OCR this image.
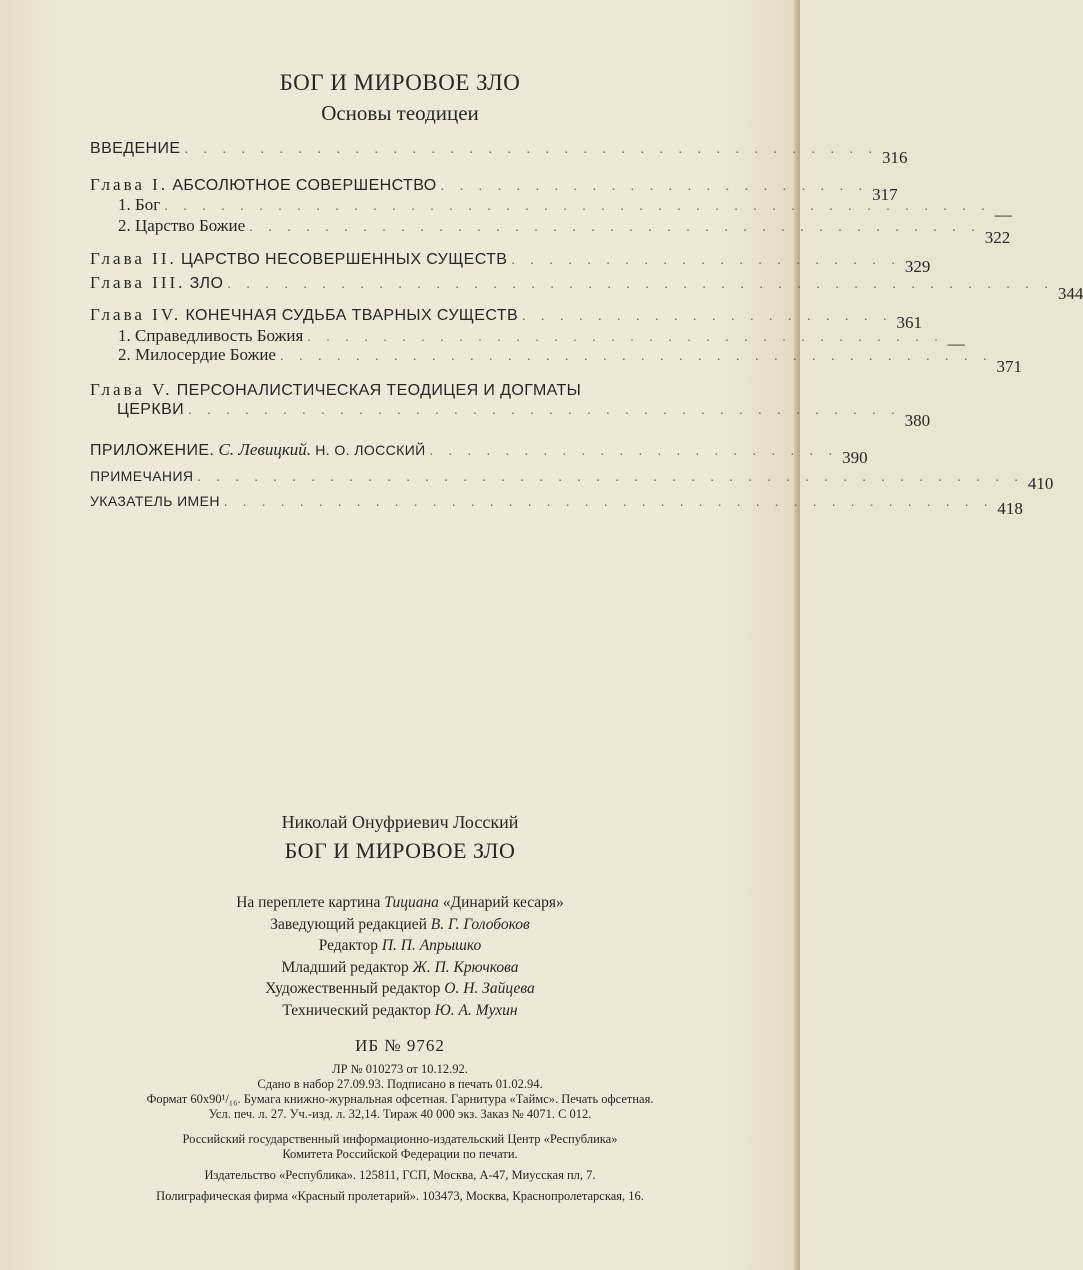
БОГ И МИРОВОЕ ЗЛО
Основы теодицеи
ВВЕДЕНИЕ . . . . . . . . . . . . . . . . . . . . . . . . . . . . . . . . . . . . . 316
Глава I. АБСОЛЮТНОЕ СОВЕРШЕНСТВО . . . . . . . . . . . . . . . . . . . . . . . 317
1. Бог . . . . . . . . . . . . . . . . . . . . . . . . . . . . . . . . . . . . . . . . . . . . —
2. Царство Божие . . . . . . . . . . . . . . . . . . . . . . . . . . . . . . . . . . . . . . .
322
Глава II. ЦАРСТВО НЕСОВЕРШЕННЫХ СУЩЕСТВ . . . . . . . . . . . . . . . . . . . . . 329
Глава III. ЗЛО . . . . . . . . . . . . . . . . . . . . . . . . . . . . . . . . . . . . . . . . . . . . 344
Глава IV. КОНЕЧНАЯ СУДЬБА ТВАРНЫХ СУЩЕСТВ . . . . . . . . . . . . . . . . . . . . 361
1. Справедливость Божия . . . . . . . . . . . . . . . . . . . . . . . . . . . . . . . . . . —
2. Милосердие Божие . . . . . . . . . . . . . . . . . . . . . . . . . . . . . . . . . . . . . .
371
Глава V. ПЕРСОНАЛИСТИЧЕСКАЯ ТЕОДИЦЕЯ И ДОГМАТЫ
ЦЕРКВИ . . . . . . . . . . . . . . . . . . . . . . . . . . . . . . . . . . . . . .
380
ПРИЛОЖЕНИЕ. С. Левицкий. Н. О. ЛОССКИЙ . . . . . . . . . . . . . . . . . . . . . . 390
ПРИМЕЧАНИЯ . . . . . . . . . . . . . . . . . . . . . . . . . . . . . . . . . . . . . . . . . . . . 410
УКАЗАТЕЛЬ ИМЕН . . . . . . . . . . . . . . . . . . . . . . . . . . . . . . . . . . . . . . . . . 418
Николай Онуфриевич Лосский
БОГ И МИРОВОЕ ЗЛО
На переплете картина Тициана «Динарий кесаря»
Заведующий редакцией В. Г. Голобоков
Редактор П. П. Апрышко
Младший редактор Ж. П. Крючкова
Художественный редактор О. Н. Зайцева
Технический редактор Ю. А. Мухин
ИБ № 9762
ЛР № 010273 от 10.12.92.
Сдано в набор 27.09.93. Подписано в печать 01.02.94.
Формат 60х90¹/₁₆. Бумага книжно-журнальная офсетная. Гарнитура «Таймс». Печать офсетная.
Усл. печ. л. 27. Уч.-изд. л. 32,14. Тираж 40 000 экз. Заказ № 4071. С 012.
Российский государственный информационно-издательский Центр «Республика»
Комитета Российской Федерации по печати.
Издательство «Республика». 125811, ГСП, Москва, А-47, Миусская пл, 7.
Полиграфическая фирма «Красный пролетарий». 103473, Москва, Краснопролетарская, 16.
